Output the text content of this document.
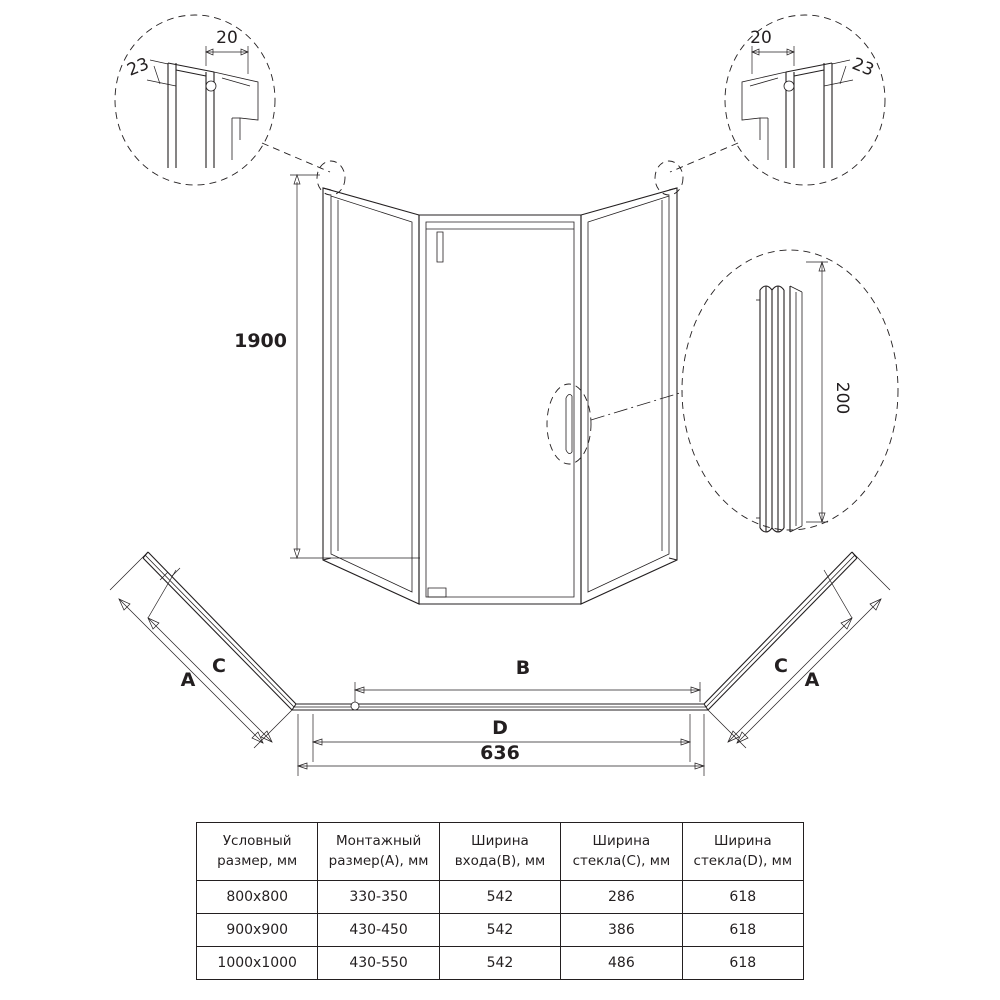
20
23
20
23
1900
200
A
C
A
C
B
D
636
Условный размер, мм	Монтажный размер(A), мм	Ширина входа(B), мм	Ширина стекла(C), мм	Ширина стекла(D), мм
800x800	330-350	542	286	618
900x900	430-450	542	386	618
1000x1000	430-550	542	486	618
